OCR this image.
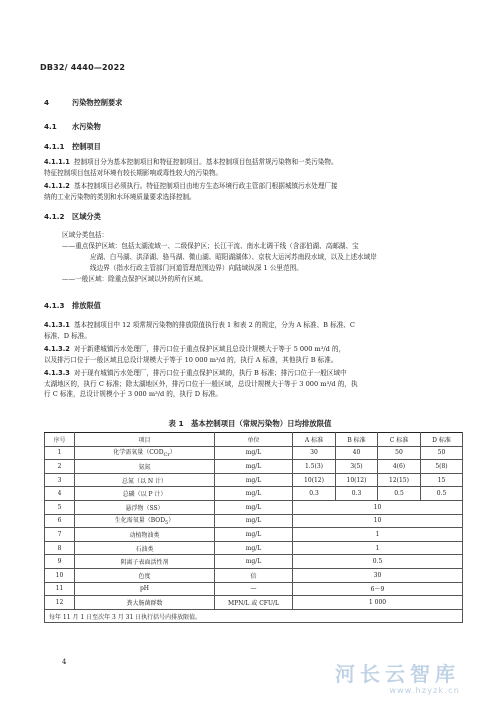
DB32/ 4440—2022
4	污染物控制要求
4.1 水污染物
4.1.1 控制项目
4.1.1.1 控制项目分为基本控制项目和特征控制项目。基本控制项目包括常规污染物和一类污染物。
特征控制项目包括对环境有较长期影响或毒性较大的污染物。
4.1.1.2 基本控制项目必须执行。特征控制项目由地方生态环境行政主管部门根据城镇污水处理厂接
纳的工业污染物的类别和水环境质量要求选择控制。
4.1.2 区域分类
区域分类包括：
——重点保护区域：包括太湖流域一、二级保护区；长江干流、南水北调干线（含邵伯湖、高邮湖、宝
应湖、白马湖、洪泽湖、骆马湖、微山湖、昭阳湖湖体）、京杭大运河苏南段水域，以及上述水域岸
线边界（指水行政主管部门河道管理范围边界）向陆域纵深 1 公里范围。
——一般区域：除重点保护区域以外的所有区域。
4.1.3 排放限值
4.1.3.1 基本控制项目中 12 项常规污染物的排放限值执行表 1 和表 2 的规定，分为 A 标准、B 标准、C
标准、D 标准。
4.1.3.2 对于新建城镇污水处理厂，排污口位于重点保护区域且总设计规模大于等于 5 000 m³/d 的，
以及排污口位于一般区域且总设计规模大于等于 10 000 m³/d 的，执行 A 标准，其他执行 B 标准。
4.1.3.3 对于现有城镇污水处理厂，排污口位于重点保护区域的，执行 B 标准；排污口位于一般区域中
太湖地区的，执行 C 标准；除太湖地区外，排污口位于一般区域，总设计规模大于等于 3 000 m³/d 的，执
行 C 标准，总设计规模小于 3 000 m³/d 的，执行 D 标准。
表 1　基本控制项目（常规污染物）日均排放限值
序号	项目	单位	A 标准	B 标准	C 标准	D 标准
1	化学需氧量$(COD_{Cr})$	mg/L	30	40	50	50
2	氨氮	mg/L	1.5(3)	3(5)	4(6)	5(8)
3	总氮（以 N 计）	mg/L	10(12)	10(12)	12(15)	15
4	总磷（以 P 计）	mg/L	0.3	0.3	0.5	0.5
5	悬浮物（SS）	mg/L	10			
6	生化需氧量$(BOD_5)$	mg/L	10			
7	动植物油类	mg/L	1			
8	石油类	mg/L	1			
9	阴离子表面活性剂	mg/L	0.5			
10	色度	倍	30			
11	pH	—	6～9			
12	粪大肠菌群数	MPN/L 或 CFU/L	1 000			
每年 11 月 1 日至次年 3 月 31 日执行括号内排放限值。						
4	河长云智库
www.hzyzk.cn
